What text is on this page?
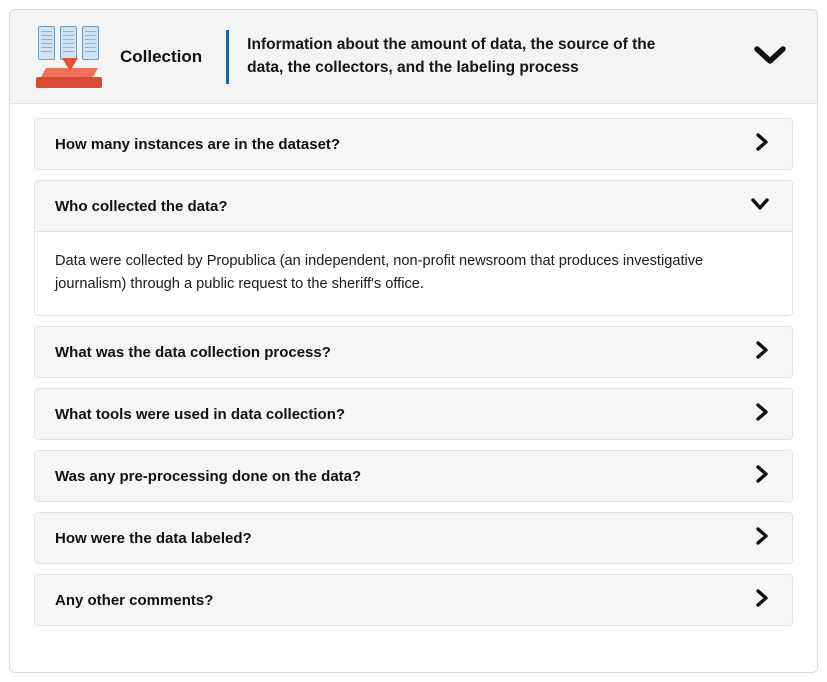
Collection
Information about the amount of data, the source of the data, the collectors, and the labeling process
How many instances are in the dataset?
Who collected the data?
Data were collected by Propublica (an independent, non-profit newsroom that produces investigative journalism) through a public request to the sheriff's office.
What was the data collection process?
What tools were used in data collection?
Was any pre-processing done on the data?
How were the data labeled?
Any other comments?
